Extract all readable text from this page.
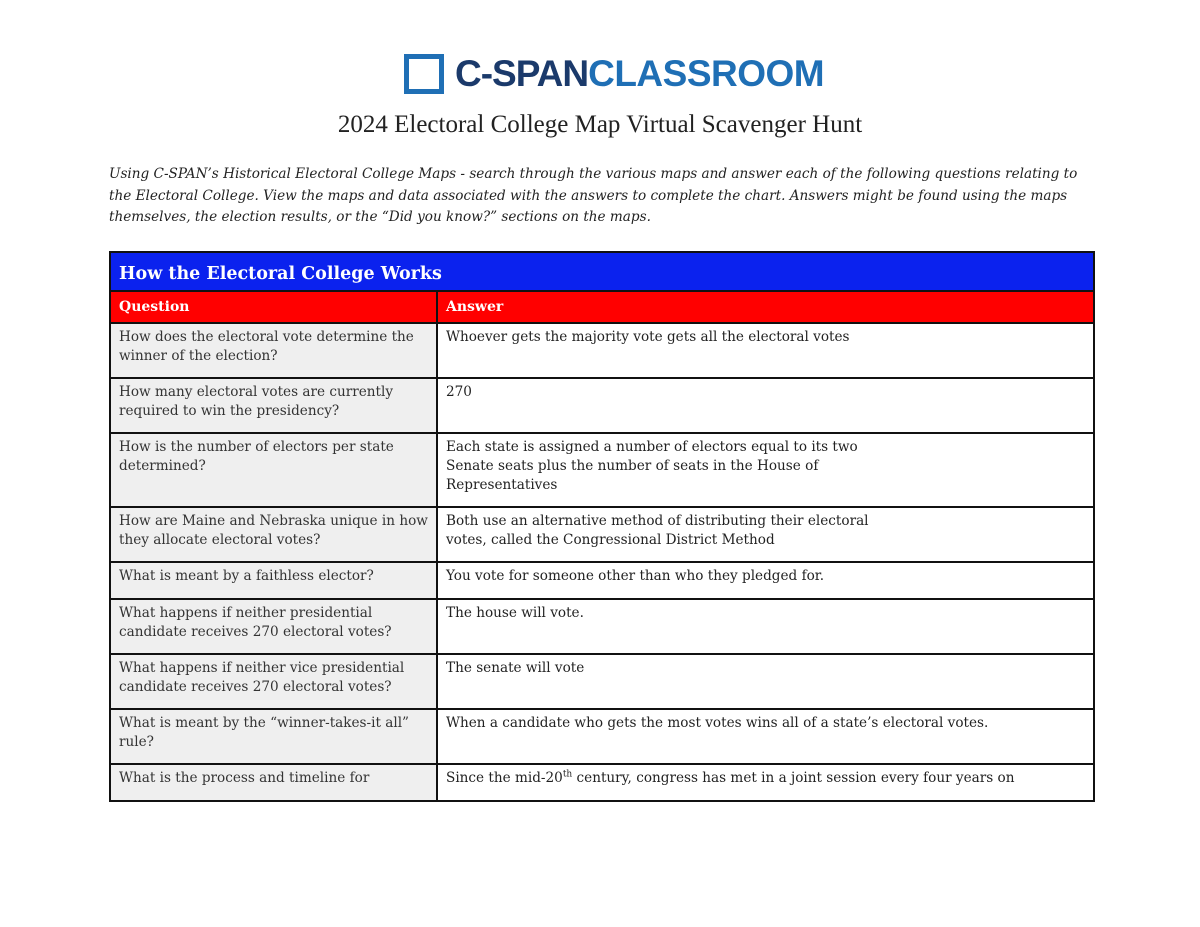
C-SPANCLASSROOM
2024 Electoral College Map Virtual Scavenger Hunt
Using C-SPAN’s Historical Electoral College Maps - search through the various maps and answer each of the following questions relating to the Electoral College. View the maps and data associated with the answers to complete the chart. Answers might be found using the maps themselves, the election results, or the “Did you know?” sections on the maps.
How the Electoral College Works	
Question	Answer
How does the electoral vote determine the winner of the election?	Whoever gets the majority vote gets all the electoral votes
How many electoral votes are currently required to win the presidency?	270
How is the number of electors per state determined?	Each state is assigned a number of electors equal to its two
Senate seats plus the number of seats in the House of
Representatives
How are Maine and Nebraska unique in how they allocate electoral votes?	Both use an alternative method of distributing their electoral
votes, called the Congressional District Method
What is meant by a faithless elector?	You vote for someone other than who they pledged for.
What happens if neither presidential candidate receives 270 electoral votes?	The house will vote.
What happens if neither vice presidential candidate receives 270 electoral votes?	The senate will vote
What is meant by the “winner-takes-it all” rule?	When a candidate who gets the most votes wins all of a state’s electoral votes.
What is the process and timeline for	Since the mid-20th century, congress has met in a joint session every four years on
